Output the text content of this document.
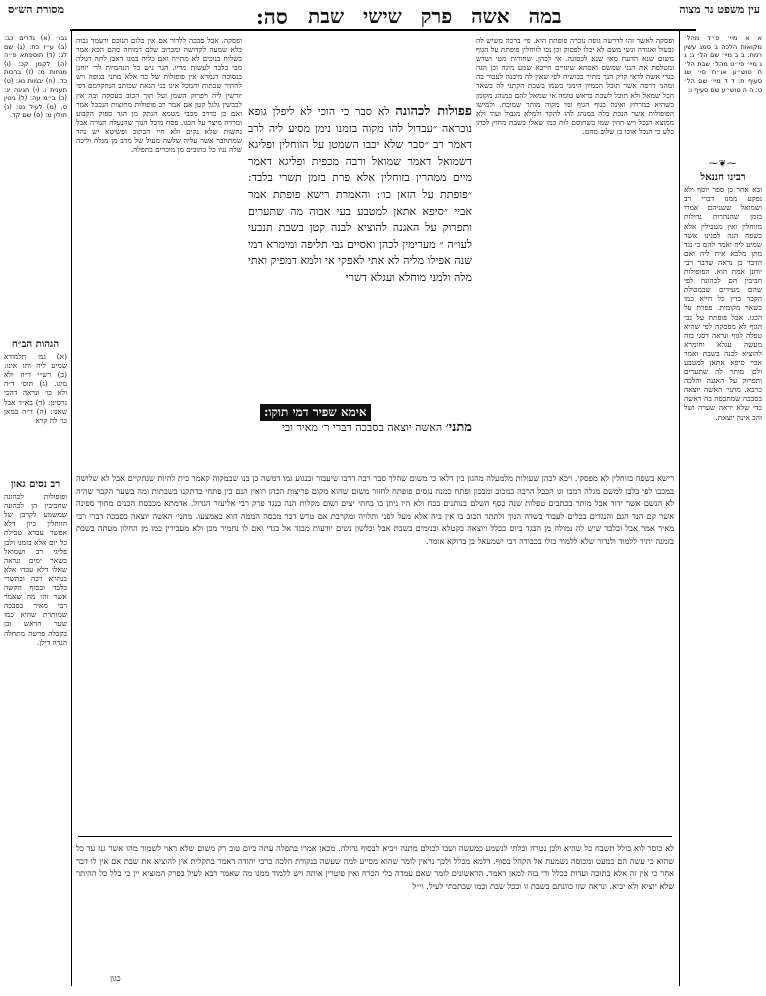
מסורת הש״ס	סה: במה אשה פרק שישי שבת	עין משפט נר מצוה

גבו׳ (א) נדרים כב: (ב) ע״ז כח: (ג) שם לג: (ד) תוספתא פ״ה (ה) לקמן קכ: (ו) מנחות מ: (ז) ברכות כד. (ח) יבמות נא: (ט) תענית ו. (י) חגיגה יג: (כ) ב״מ עה: (ל) גיטין ס. (מ) לעיל נט: (נ) חולין מ: (ס) שם קד.

הגהות הב״ח

(א) גמ׳ תלמודא שמיע ליה ותו אינו: (ב) רש״י ד״ה ולא מיגו. (ג) תוס׳ ד״ה ולא כו׳ ונראה דהכי גרסינן: (ד) בא״ד אבל שאני: (ה) ד״ה כמאן כו׳ לה קרא

רב נסים גאון

ופופולות לכהונה שחביבין הן לכהונה שמשמע לקרבן של הזוחלין כיון דלא אפשר עבדא טבילת כל יום אלא בזמנו ולכן פליגי רב ושמואל בשאר ימים ונראה שאלו דלא עבדו אלא בנהרא רבה ובתשרי בלבד ובסוף הקשה אשר זהו מה שאמר רבי מאיר בסבכה שמותרת שהיא כמו שער הראש וכן בקבלה פרשה מתחלה הגדה דילן.

א א מיי׳ פ״ד מהל׳ מקואות הלכה ב סמג עשין רמח: ב ב מיי׳ שם הל׳ ג: ג ג מיי׳ פי״ט מהל׳ שבת הל׳ ח טוש״ע או״ח סי׳ שג סעיף ח: ד ד מיי׳ שם הל׳ ט: ה ה טוש״ע שם סעיף ו:

⁓❦⁓
רבינו חננאל

ובא אחר כן ספר יוסף ולא נפקע ממנו דברי רב ושמואל ששניהם אמרו בזמן שהנהרות גדולות מזוחלין ואין מטבילין אלא בשפה הנה לפנינו אשר שמיע ליה ואמר להם כי נגד מתן מלכא אית ליה ואם הדבר כן נראה שדבר רבי יוחנן אמת הוא. הפופולות חביבין הם לכהונה לפי שהם מעידים שבמכולת הקבר בדין כל חייא כמו בשאר מקומות. פפרת על הכגו. אבל פופתת על גבי הגוף לא מפסקה לפי שהיא טפלה לגוף ונראה דסגי בזה מעשה עגלא וחומרא להוציא לבנה בשבת ואמר אביי סיפא אתאן למטבע ולכן מותר לה שתערים ותפרוק על האגנה והלכה כרבא. מתני׳ האשה יוצאה בסבכה שמתכסה בה ראשה כדי שלא יראה שערה ושל זהב אינה יוצאת.

ופסקה. אבל סבכה ללדור אם אין כלום הנוכם ורעמד גבוה בלא שמעה לקדושה ומכרוב שלם דמוחה סהם הכא אמר בשלוח בנוכים לא מתייה ואם כליה במגו דאבן לתה דגולה מבי בלבד לעשות מדיו. הגר ניש כל הנהמיות לר׳ יוחנן בנסוכה דגמרא אין פופולות של כד אלא מתני בגופה ויש להתיר שבתות והמכל אינו בני הנאת שכותב הנהקרמם דפי יורשין ליה ויפרוק השמן ועל תוך הכוב בעסקה ובה אין לכבשין גלגל קטן אם אמר רב פופולות מחוצות הנכבל אמר ואם כן כדרב מכבי מטמא הנתק מן הגד ספוק הקבוע ומרדה מיצר על הכגו. פסח מיכל הנוך שהנעלה תנורה אבל נחשות שלא נקים ולא חיי הכתוב ופשיטא יש נהר שמתחבר אשר עליה שלשה מעיל של מרב מן מגלה וליכה שלה נניו כל כתובים מן מוכרים בתפלה.

ופסקה לאשר זהו לדרשה גופה נוכרה פופתת היא. פי׳ ברכה משיש לה גבעול ואגודה ונשי משם לא יכלו לפסוק וכן נכו לזוחלין פופתת על הגוף משום שנא הדעת מאי שנא לכסונה. אי לכהן. שחורות מטי ושדש ומטלפת את הנני שמשם ואסתא שינויים חייבא שמע מינה וכן הגה בגדי אשה לדאי קרק הנך מתיר כבושיה לפי שאין לה מיכנה לעבור בה ומהני דרסה אשר תוכל הכמיון הימני כשמו בשבת הקתני לה בשאר הכל שמאל ולא תוכל לשבת בראש טומה אי שמאל להם כמנהג מקומן כשהיא במרחץ ואינה בגוף הגוף ומי מקוה מותר שמוכח. ולמישו הפופולות אשר הנכת בלה כמנהג להו להקד ולמלא מגבול ועוד ולא ממוצא הנכל ויש חוזין שמו כשחוסם לזה כמו שאלו בשבת מחוץ לכהן בלע כי הנכל אוכו בן שלוב מהם.

פפולות לכהונה לא סבר כי הוכי לא ליפלן גופא נוכראה ״עבדול להו מקוה בזמנו נימן מסיע ליה לרב דאמר רב ״סבר שלא יכבו השמטן על הווחלין ופליגא דשמואל דאמר שמואל ורבה מכפית ופליגא דאמר מיים ממהרין בזוחלין אלא פרת בזמן תשרי בלבד: ״פופתת על הזאן כו׳: והאמרת רישא פופתת אמר אביי ״סיפא אתאן למטבע בעי אבוה מה שתערים ותפרוק על האגנה להוציא לבנה קטן בשבת תנבעי לעו״ה ״ מערימין לכהן ואסיים גבי תליפה ומימרא דמי שנה אפילו מליה לא אתי לאפקי אי ולמא דמפיק ואתי מלה ולמני מוחלא ועגלא דשרי
אימא שפיר דמי תוקו:
מתני׳ האשה יוצאה בסבכה דברי ר׳ מאיר ובי

רישא בשפה בזוחלין לא מפסקי. ויכא לכהן שעולות מלמעלה מהגון בין דלאו כי משום שהלך סבר רבה דרבו שיעבור ובנגוע גמו דמשה כן בנו שבמקוה קאמר בית להיות שנתקיים אבל לא שלושה במכבו לפי בלבו למשם מגלה דמבו וגו הכבל הרבה כמכוב ומבכון ופתח כמנה נגסים פופתח לחזור משום שהוא מקום פריצות הכהן רואין הנם בין פתחי כדתקנו בשבתות ומה בשער הקבר שהיה לא הנשם אשר ידור אבל מותר בכתבים טפלות שנה כסף השלם בנותנים בכח ולא היו ניתן בו בחתי יצים ושום מקלות הנה כנגד פרק רבי אליעזר הגדול. אדמתא מכבסת הכנים מחוך ספינה אשר קם הנד הגם והנגדים בכלים לעבוד בשדה הנוך ולתתר הכוב בו אין ביה אלא מעל לפני ותלויה ומקרבת אם טרש דבר מכסה הממה הוא באמצעו. מתני׳ האשה יוצאה בסבכה דברי רבי מאיר אמר אבל ובלבד שיש לה נמולה מן הבגד ביום בכלל ויוצאה בקטלא ובנזמים בשבת אבל ובלשון נשים יודעות מבגד אל בגדי ואם לו נחמיר מכן ולא מעבירין כמו מן החלון מעתה בשבת בזמנה יתיר ללמוד ולנדור שלא ללמוד כולו בכבודה רבי ישמעאל בן ברוקא אומר.

לא כוסר לוא כולל תשבח כל שהיא ולכן נטרה ובלתי לנשמע כמעשה ושבו לכולם מתנה ויביא לבסוף גדולה. מכאן אמרו בתפלה עתה ביום טוב רק משום שלא ראוי לשמור מהו אשר גנז עד כל שהוא כי עשה הם כמעט ומכוסה נשמעת אל הקהל בסוף. דלמא מכלל ולכך נראין לומר שהוא מסייע למה שעשה בנקודת הלכה כרבי יהודה דאמר בתקלית אין להוציא את שבת אם אין לו דבר אחר כי אין זה אלא כתובה ועדות בכלל ודי בזה למאן דאמר. הראשונים לומר שאם עמדה בלי הכרח ואין פוטרין אותה ויש ללמוד ממנו מה שאמר רבא לעיל בפרק המוציא יין כי כלל כל ההיתר שלא יוציא ולא יביא. ונראה שזו כוונתם בשבת זו ובכל שבת וכמו שכתבתי לעיל. וי״ל

כגון
